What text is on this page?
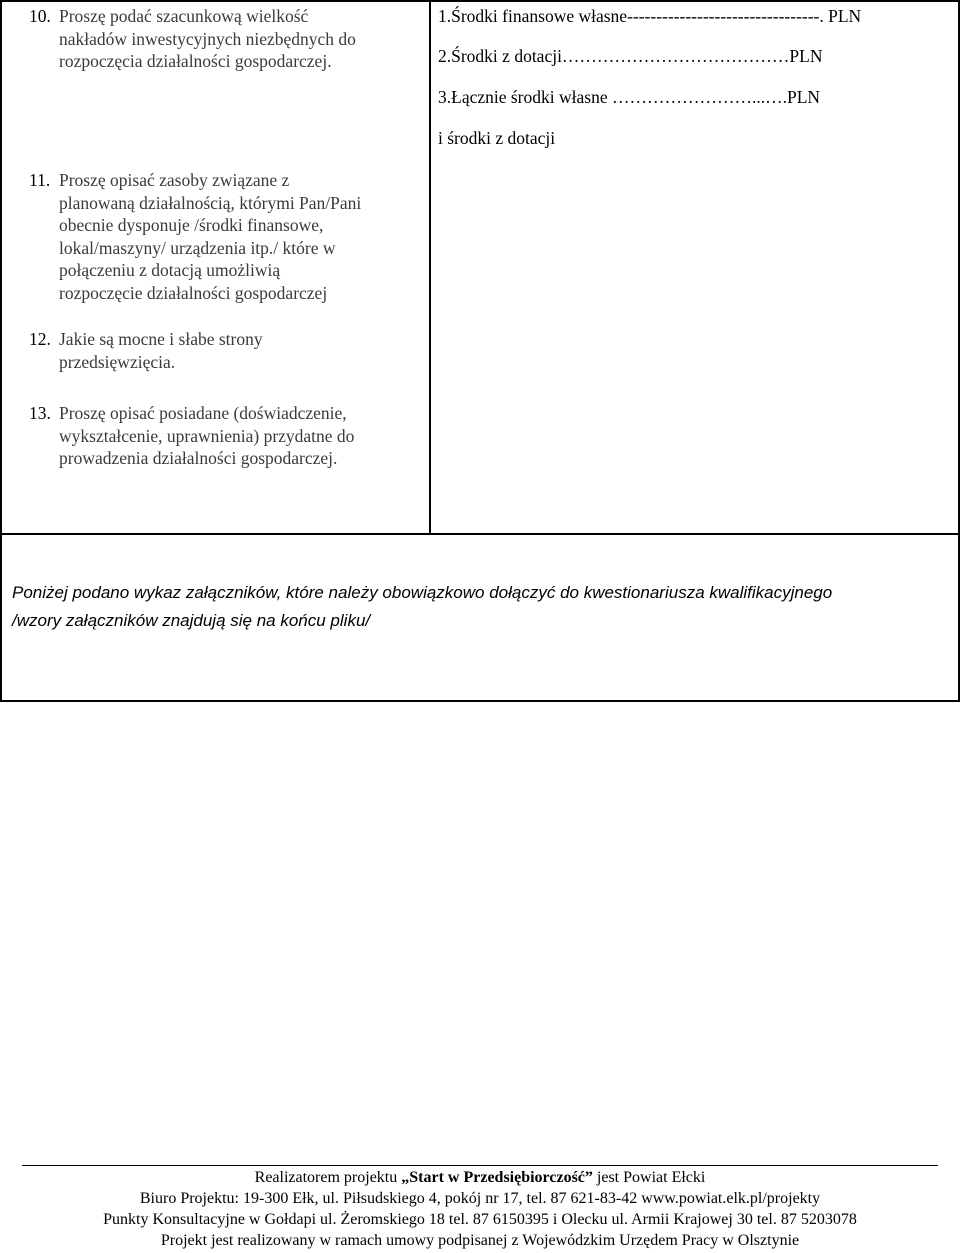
10. Proszę podać szacunkową wielkość
nakładów inwestycyjnych niezbędnych do
rozpoczęcia działalności gospodarczej.
11. Proszę opisać zasoby związane z
planowaną działalnością, którymi Pan/Pani
obecnie dysponuje /środki finansowe,
lokal/maszyny/ urządzenia itp./ które w
połączeniu z dotacją umożliwią
rozpoczęcie działalności gospodarczej
12. Jakie są mocne i słabe strony
przedsięwzięcia.
13. Proszę opisać posiadane (doświadczenie,
wykształcenie, uprawnienia) przydatne do
prowadzenia działalności gospodarczej.
1.Środki finansowe własne---------------------------------. PLN
2.Środki z dotacji…………………………………PLN
3.Łącznie środki własne ……………………...….PLN
i środki z dotacji
Poniżej podano wykaz załączników, które należy obowiązkowo dołączyć do kwestionariusza kwalifikacyjnego
/wzory załączników znajdują się na końcu pliku/
Realizatorem projektu „Start w Przedsiębiorczość” jest Powiat Ełcki
Biuro Projektu: 19-300 Ełk, ul. Piłsudskiego 4, pokój nr 17, tel. 87 621-83-42 www.powiat.elk.pl/projekty
Punkty Konsultacyjne w Gołdapi ul. Żeromskiego 18 tel. 87 6150395 i Olecku ul. Armii Krajowej 30 tel. 87 5203078
Projekt jest realizowany w ramach umowy podpisanej z Wojewódzkim Urzędem Pracy w Olsztynie
